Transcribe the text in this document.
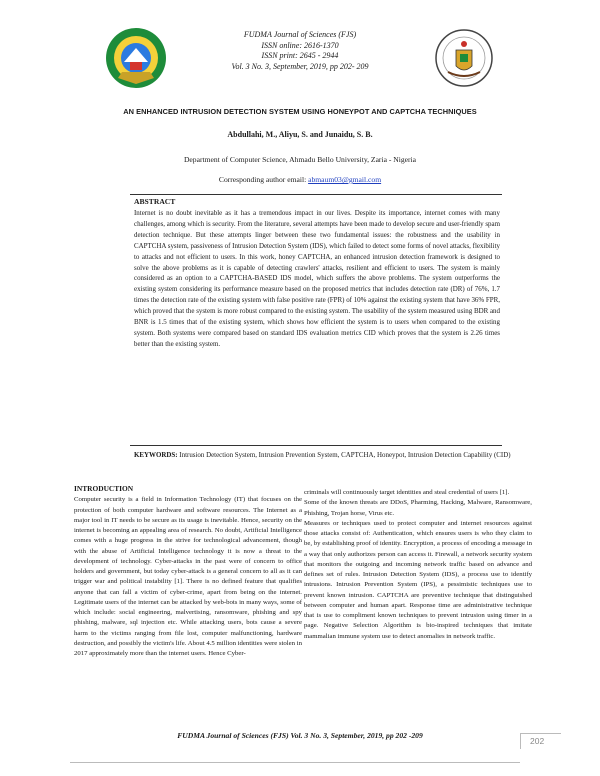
FUDMA Journal of Sciences (FJS)
ISSN online: 2616-1370
ISSN print: 2645 - 2944
Vol. 3 No. 3, September, 2019, pp 202- 209
AN ENHANCED INTRUSION DETECTION SYSTEM USING HONEYPOT AND CAPTCHA TECHNIQUES
Abdullahi, M., Aliyu, S. and Junaidu, S. B.
Department of Computer Science, Ahmadu Bello University, Zaria - Nigeria
Corresponding author email: abmaum03@gmail.com
ABSTRACT
Internet is no doubt inevitable as it has a tremendous impact in our lives. Despite its importance, internet comes with many challenges, among which is security. From the literature, several attempts have been made to develop secure and user-friendly spam detection technique. But these attempts linger between these two fundamental issues: the robustness and the usability in CAPTCHA system, passiveness of Intrusion Detection System (IDS), which failed to detect some forms of novel attacks, flexibility to attacks and not efficient to users. In this work, honey CAPTCHA, an enhanced intrusion detection framework is designed to solve the above problems as it is capable of detecting crawlers' attacks, resilient and efficient to users. The system is mainly considered as an option to a CAPTCHA-BASED IDS model, which suffers the above problems. The system outperforms the existing system considering its performance measure based on the proposed metrics that includes detection rate (DR) of 76%, 1.7 times the detection rate of the existing system with false positive rate (FPR) of 10% against the existing system that have 36% FPR, which proved that the system is more robust compared to the existing system. The usability of the system measured using BDR and BNR is 1.5 times that of the existing system, which shows how efficient the system is to users when compared to the existing system. Both systems were compared based on standard IDS evaluation metrics CID which proves that the system is 2.26 times better than the existing system.
KEYWORDS: Intrusion Detection System, Intrusion Prevention System, CAPTCHA, Honeypot, Intrusion Detection Capability (CID)
INTRODUCTION

Computer security is a field in Information Technology (IT) that focuses on the protection of both computer hardware and software resources. The Internet as a major tool in IT needs to be secure as its usage is inevitable. Hence, security on the internet is becoming an appealing area of research. No doubt, Artificial Intelligence comes with a huge progress in the strive for technological advancement, though with the abuse of Artificial Intelligence technology it is now a threat to the development of technology. Cyber-attacks in the past were of concern to office holders and government, but today cyber-attack is a general concern to all as it can trigger war and political instability [1]. There is no defined feature that qualifies anyone that can fall a victim of cyber-crime, apart from being on the internet. Legitimate users of the internet can be attacked by web-bots in many ways, some of which include: social engineering, malvertising, ransomware, phishing and spy phishing, malware, sql injection etc. While attacking users, bots cause a severe harm to the victims ranging from file lost, computer malfunctioning, hardware destruction, and possibly the victim's life. About 4.5 million identities were stolen in 2017 approximately more than the internet users. Hence Cyber-

criminals will continuously target identities and steal credential of users [1].

Some of the known threats are DDoS, Pharming, Hacking, Malware, Ransomware, Phishing, Trojan horse, Virus etc.

Measures or techniques used to protect computer and internet resources against those attacks consist of: Authentication, which ensures users is who they claim to be, by establishing proof of identity. Encryption, a process of encoding a message in a way that only authorizes person can access it. Firewall, a network security system that monitors the outgoing and incoming network traffic based on advance and defines set of rules. Intrusion Detection System (IDS), a process use to identify intrusions. Intrusion Prevention System (IPS), a pessimistic techniques use to prevent known intrusion. CAPTCHA are preventive technique that distinguished between computer and human apart. Response time are administrative technique that is use to compliment known techniques to prevent intrusion using timer in a page. Negative Selection Algorithm is bio-inspired techniques that imitate mammalian immune system use to detect anomalies in network traffic.

FUDMA Journal of Sciences (FJS) Vol. 3 No. 3, September, 2019, pp 202 -209
202
